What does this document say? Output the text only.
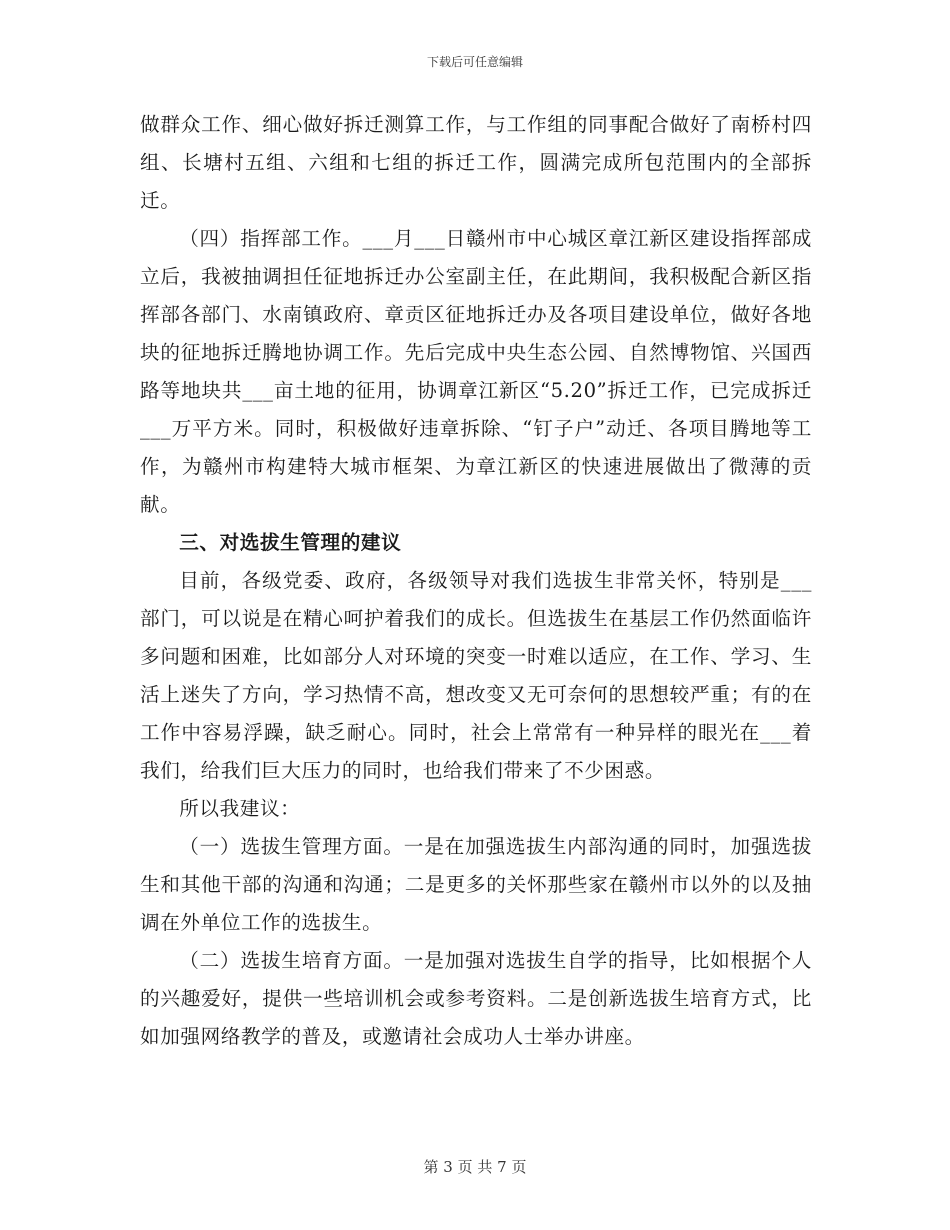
下载后可任意编辑

做群众工作、细心做好拆迁测算工作，与工作组的同事配合做好了南桥村四组、长塘村五组、六组和七组的拆迁工作，圆满完成所包范围内的全部拆迁。

（四）指挥部工作。___月___日赣州市中心城区章江新区建设指挥部成立后，我被抽调担任征地拆迁办公室副主任，在此期间，我积极配合新区指挥部各部门、水南镇政府、章贡区征地拆迁办及各项目建设单位，做好各地块的征地拆迁腾地协调工作。先后完成中央生态公园、自然博物馆、兴国西路等地块共___亩土地的征用，协调章江新区“5.20”拆迁工作，已完成拆迁___万平方米。同时，积极做好违章拆除、“钉子户”动迁、各项目腾地等工作，为赣州市构建特大城市框架、为章江新区的快速进展做出了微薄的贡献。

三、对选拔生管理的建议

目前，各级党委、政府，各级领导对我们选拔生非常关怀，特别是___部门，可以说是在精心呵护着我们的成长。但选拔生在基层工作仍然面临许多问题和困难，比如部分人对环境的突变一时难以适应，在工作、学习、生活上迷失了方向，学习热情不高，想改变又无可奈何的思想较严重；有的在工作中容易浮躁，缺乏耐心。同时，社会上常常有一种异样的眼光在___着我们，给我们巨大压力的同时，也给我们带来了不少困惑。

所以我建议：

（一）选拔生管理方面。一是在加强选拔生内部沟通的同时，加强选拔生和其他干部的沟通和沟通；二是更多的关怀那些家在赣州市以外的以及抽调在外单位工作的选拔生。

（二）选拔生培育方面。一是加强对选拔生自学的指导，比如根据个人的兴趣爱好，提供一些培训机会或参考资料。二是创新选拔生培育方式，比如加强网络教学的普及，或邀请社会成功人士举办讲座。

第 3 页 共 7 页
